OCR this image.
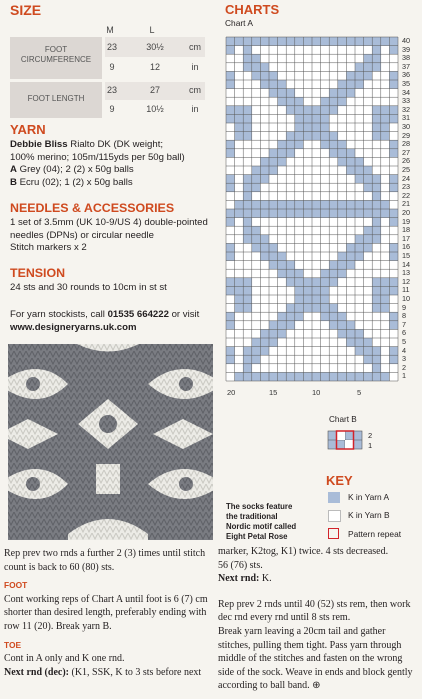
SIZE
M	L
FOOT
CIRCUMFERENCE
23	30½	cm
9	12	in
FOOT LENGTH
23	27	cm
9	10½	in
YARN
Debbie Bliss Rialto DK (DK weight;
100% merino; 105m/115yds per 50g ball)
A Grey (04); 2 (2) x 50g balls
B Ecru (02); 1 (2) x 50g balls
NEEDLES & ACCESSORIES
1 set of 3.5mm (UK 10-9/US 4) double-pointed
needles (DPNs) or circular needle
Stitch markers x 2
TENSION
24 sts and 30 rounds to 10cm in st st
For yarn stockists, call 01535 664222 or visit
www.designeryarns.uk.com
CHARTS
Chart A
40
39
38
37
36
35
34
33
32
31
30
29
28
27
26
25
24
23
22
21
20
19
18
17
16
15
14
13
12
11
10
9
8
7
6
5
4
3
2
1
20	15	10	5
Chart B
2
1
KEY
K in Yarn A
K in Yarn B
Pattern repeat
The socks feature
the traditional
Nordic motif called
Eight Petal Rose
Rep prev two rnds a further 2 (3) times until stitch count is back to 60 (80) sts.
FOOT
Cont working reps of Chart A until foot is 6 (7) cm shorter than desired length, preferably ending with row 11 (20). Break yarn B.
TOE
Cont in A only and K one rnd.
Next rnd (dec): (K1, SSK, K to 3 sts before next
marker, K2tog, K1) twice. 4 sts decreased.
56 (76) sts.
Next rnd: K.
Rep prev 2 rnds until 40 (52) sts rem, then work dec rnd every rnd until 8 sts rem.
Break yarn leaving a 20cm tail and gather stitches, pulling them tight. Pass yarn through middle of the stitches and fasten on the wrong side of the sock. Weave in ends and block gently according to ball band. ⊕
